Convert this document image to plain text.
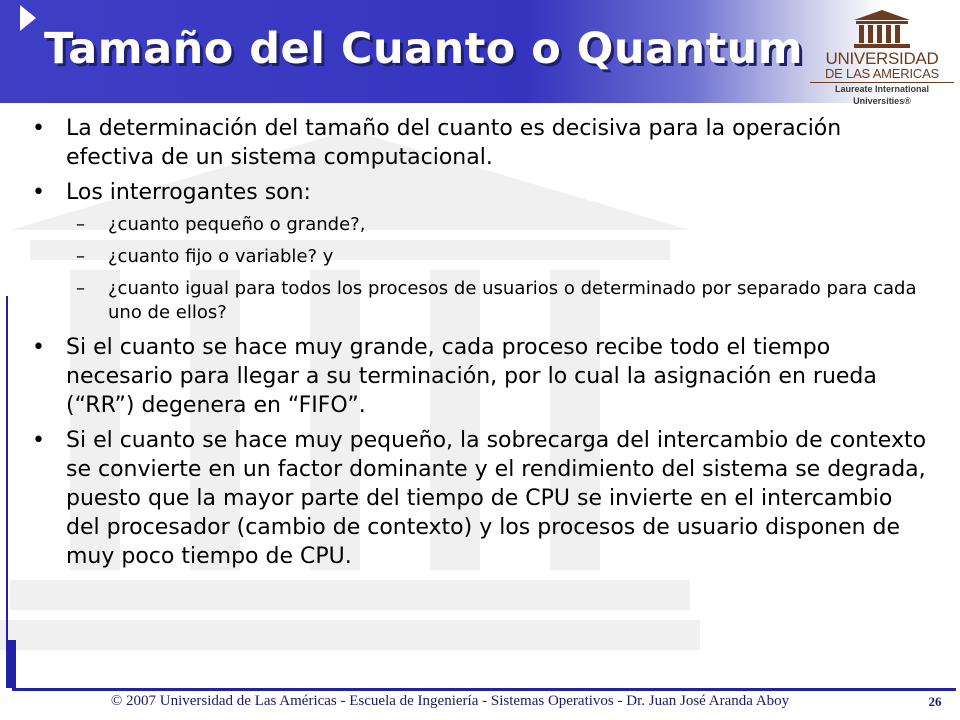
Tamaño del Cuanto o Quantum	UNIVERSIDAD
DE LAS AMERICAS
Laureate International Universities®
• La determinación del tamaño del cuanto es decisiva para la operación efectiva de un sistema computacional.
• Los interrogantes son:
– ¿cuanto pequeño o grande?,
– ¿cuanto fijo o variable? y
– ¿cuanto igual para todos los procesos de usuarios o determinado por separado para cada uno de ellos?
• Si el cuanto se hace muy grande, cada proceso recibe todo el tiempo necesario para llegar a su terminación, por lo cual la asignación en rueda (“RR”) degenera en “FIFO”.
• Si el cuanto se hace muy pequeño, la sobrecarga del intercambio de contexto se convierte en un factor dominante y el rendimiento del sistema se degrada, puesto que la mayor parte del tiempo de CPU se invierte en el intercambio del procesador (cambio de contexto) y los procesos de usuario disponen de muy poco tiempo de CPU.
© 2007 Universidad de Las Américas - Escuela de Ingeniería - Sistemas Operativos - Dr. Juan José Aranda Aboy	26
